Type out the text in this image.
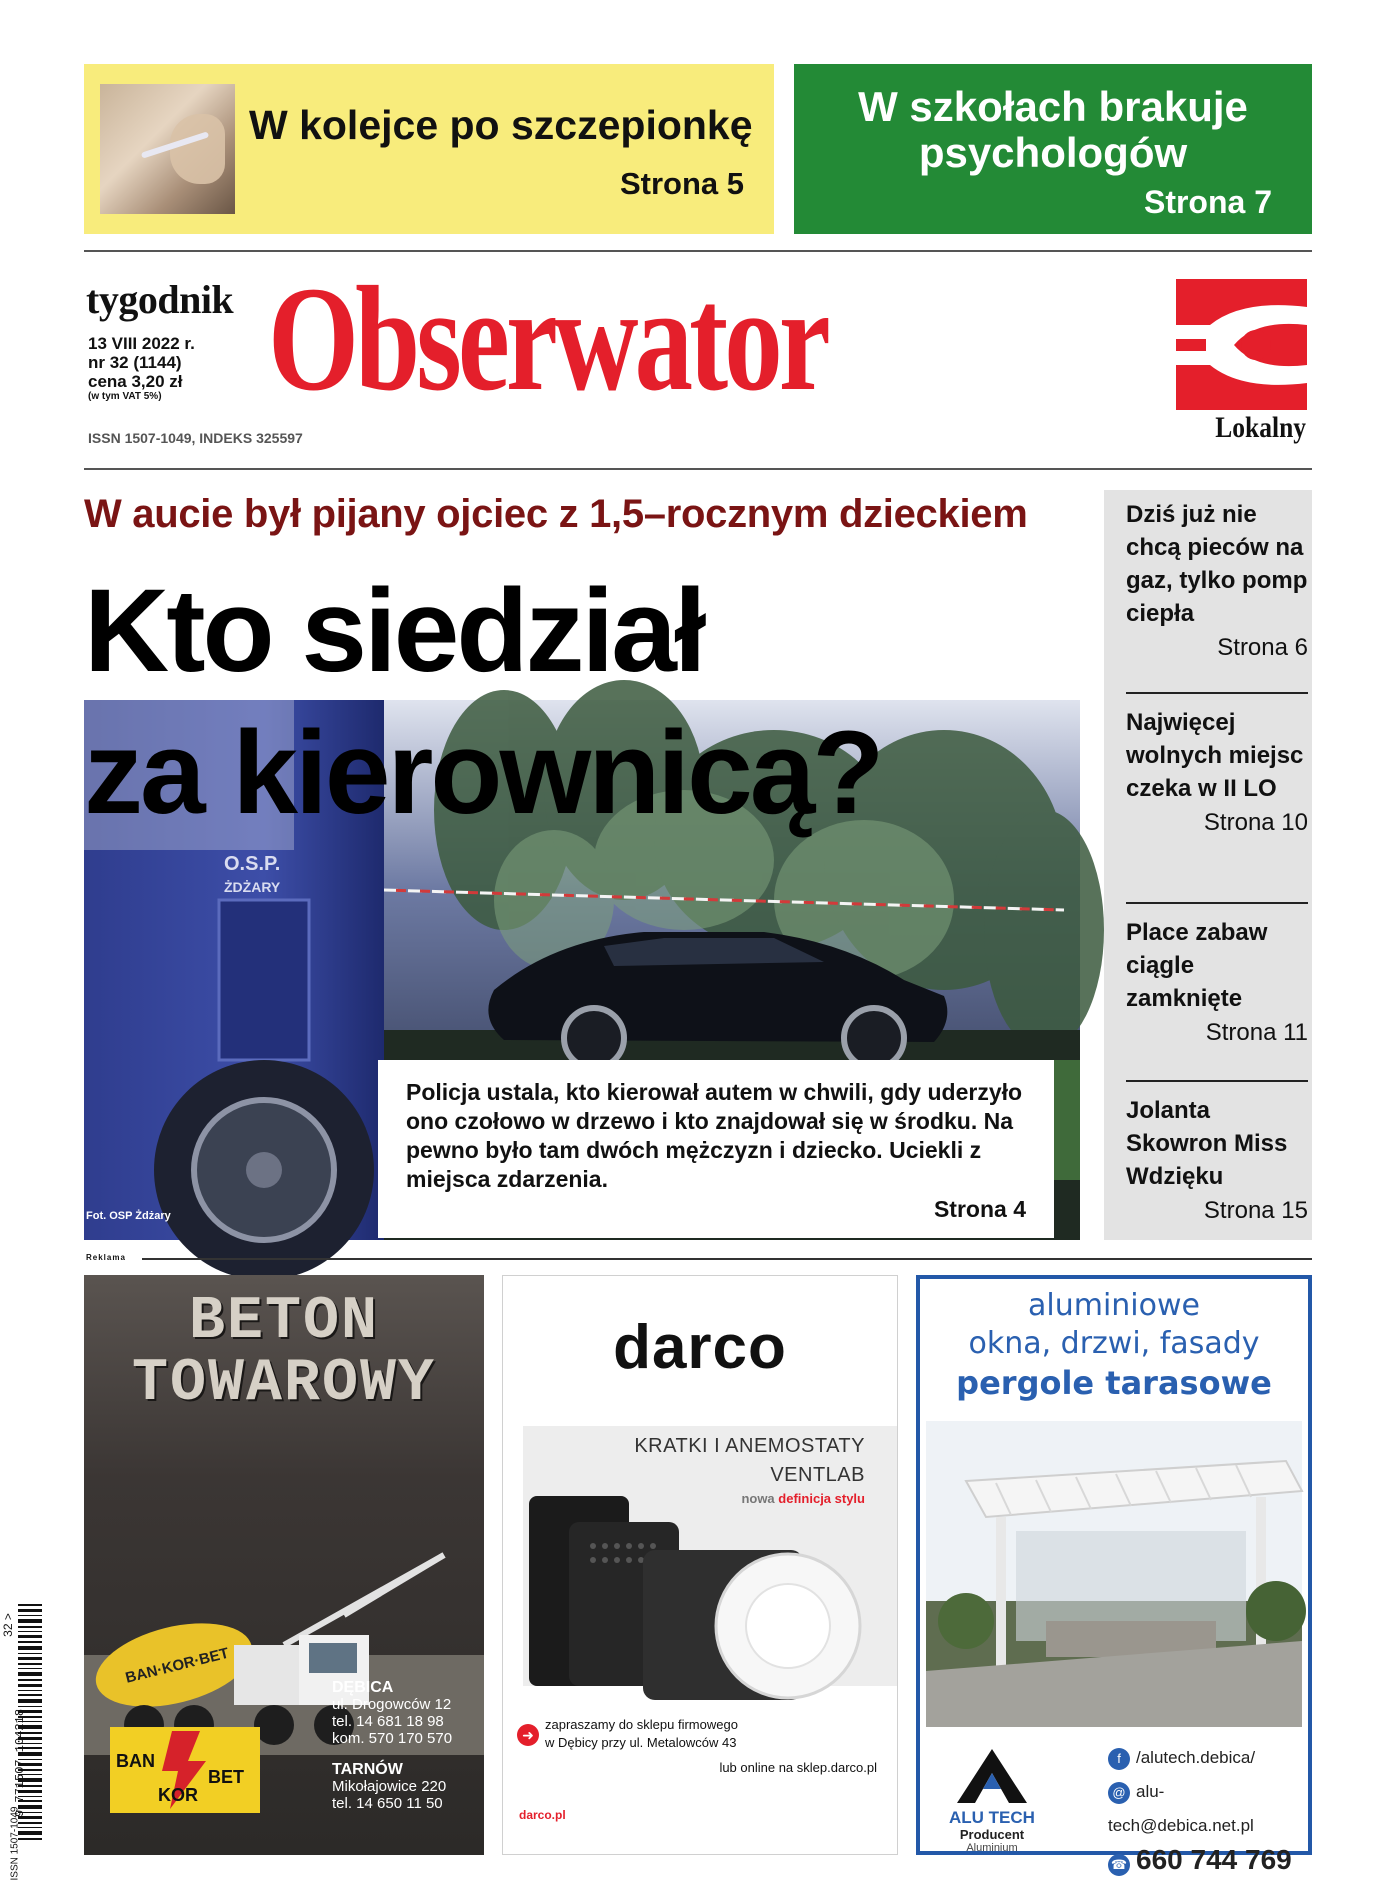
W kolejce po szczepionkę
Strona 5
W szkołach brakuje psychologów
Strona 7
tygodnik
13 VIII 2022 r.
nr 32 (1144)
cena 3,20 zł
(w tym VAT 5%)
ISSN 1507-1049, INDEKS 325597
Obserwator
Lokalny
W aucie był pijany ojciec z 1,5–rocznym dzieckiem
O.S.P.
ŻDŻARY
Kto siedział
za kierownicą?
Policja ustala, kto kierował autem w chwili, gdy uderzyło ono czołowo w drzewo i kto znajdował się w środku. Na pewno było tam dwóch mężczyzn i dziecko. Uciekli z miejsca zdarzenia.
Strona 4
Fot. OSP Żdżary
Dziś już nie chcą pieców na gaz, tylko pomp ciepła
Strona 6
Najwięcej wolnych miejsc czeka w II LO
Strona 10
Place zabaw ciągle zamknięte
Strona 11
Jolanta Skowron Miss Wdzięku
Strona 15
Reklama
BETON
TOWAROWY
BAN·KOR·BET
DĘBICA
ul. Drogowców 12
tel. 14 681 18 98
kom. 570 170 570
TARNÓW
Mikołajowice 220
tel. 14 650 11 50
BAN
KOR
BET
darco
KRATKI I ANEMOSTATY
VENTLAB
nowa definicja stylu
➜
zapraszamy do sklepu firmowego
w Dębicy przy ul. Metalowców 43
lub online na sklep.darco.pl
darco.pl
aluminiowe
okna, drzwi, fasady
pergole tarasowe
ALU TECH
Producent
Aluminium
f /alutech.debica/
@ alu-tech@debica.net.pl
☎ 660 744 769
32 >
9 771507 104218
ISSN 1507-1049
